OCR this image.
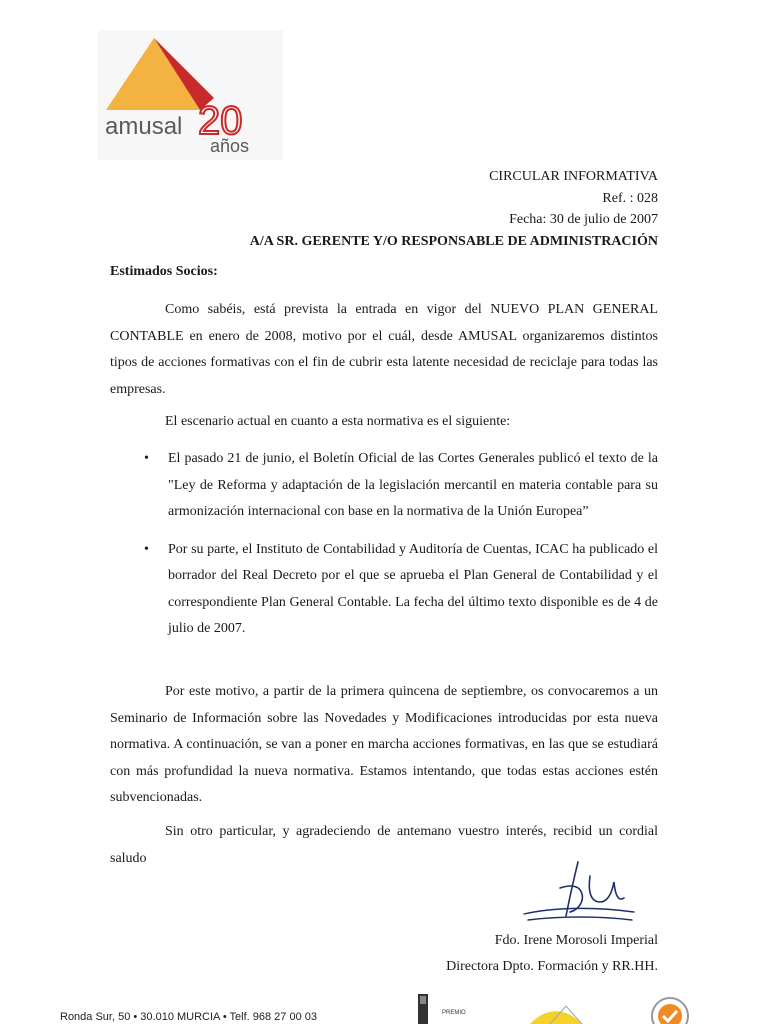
amusal 20
años
CIRCULAR INFORMATIVA
Ref. : 028
Fecha: 30 de julio de 2007
A/A SR. GERENTE Y/O RESPONSABLE DE ADMINISTRACIÓN
Estimados Socios:

Como sabéis, está prevista la entrada en vigor del NUEVO PLAN GENERAL CONTABLE en enero de 2008, motivo por el cuál, desde AMUSAL organizaremos distintos tipos de acciones formativas con el fin de cubrir esta latente necesidad de reciclaje para todas las empresas.

El escenario actual en cuanto a esta normativa es el siguiente:

• El pasado 21 de junio, el Boletín Oficial de las Cortes Generales publicó el texto de la "Ley de Reforma y adaptación de la legislación mercantil en materia contable para su armonización internacional con base en la normativa de la Unión Europea”
• Por su parte, el Instituto de Contabilidad y Auditoría de Cuentas, ICAC ha publicado el borrador del Real Decreto por el que se aprueba el Plan General de Contabilidad y el correspondiente Plan General Contable. La fecha del último texto disponible es de 4 de julio de 2007.

Por este motivo, a partir de la primera quincena de septiembre, os convocaremos a un Seminario de Información sobre las Novedades y Modificaciones introducidas por esta nueva normativa. A continuación, se van a poner en marcha acciones formativas, en las que se estudiará con más profundidad la nueva normativa. Estamos intentando, que todas estas acciones estén subvencionadas.

Sin otro particular, y agradeciendo de antemano vuestro interés, recibid un cordial saludo

Fdo. Irene Morosoli Imperial
Directora Dpto. Formación y RR.HH.
Ronda Sur, 50 • 30.010 MURCIA • Telf. 968 27 00 03	PREMIO
